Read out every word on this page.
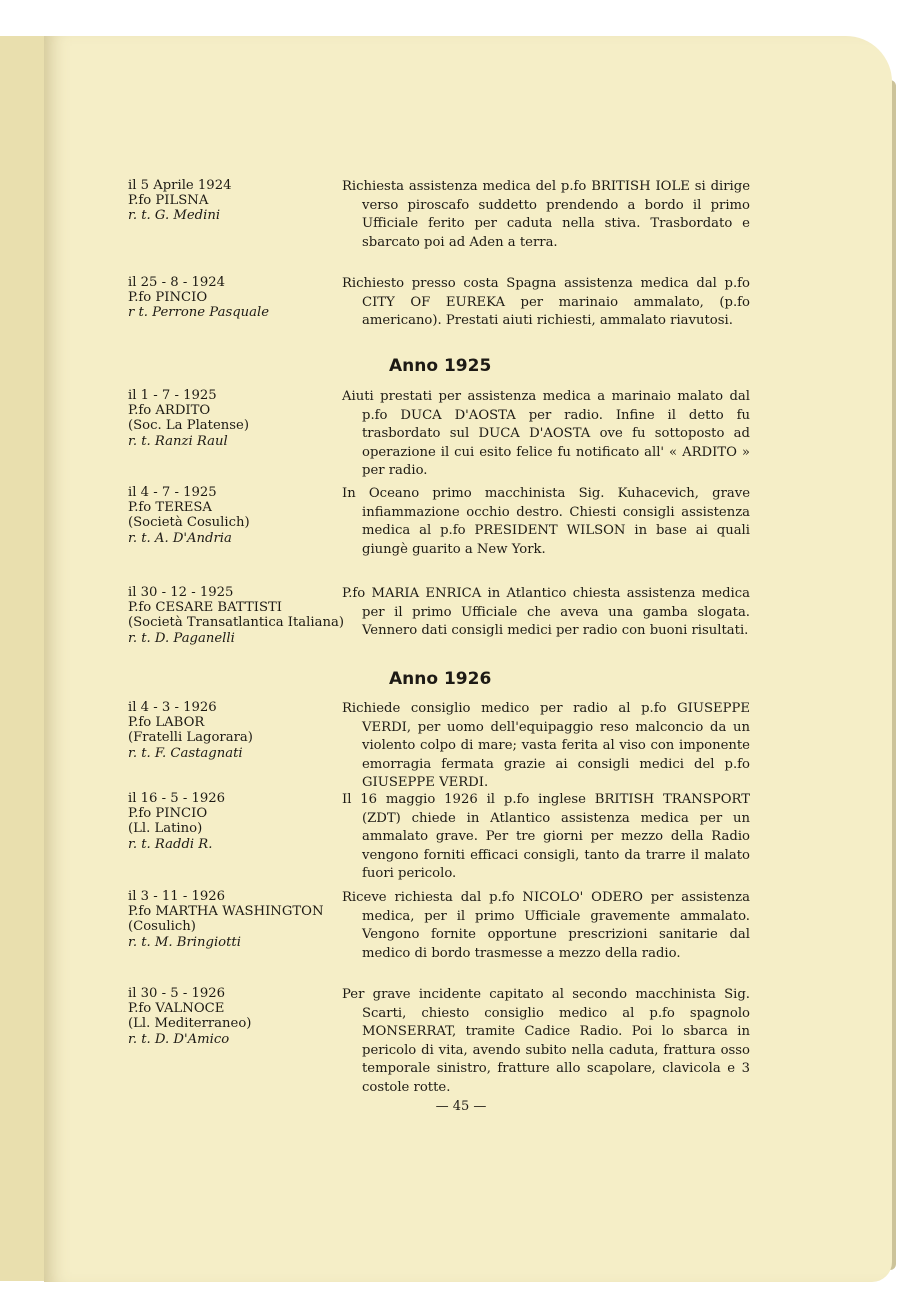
il 5 Aprile 1924
P.fo PILSNA
r. t. G. Medini

Richiesta assistenza medica del p.fo BRITISH IOLE si dirige verso piroscafo suddetto prendendo a bordo il primo Ufficiale ferito per caduta nella stiva. Trasbordato e sbarcato poi ad Aden a terra.

il 25 - 8 - 1924
P.fo PINCIO
r t. Perrone Pasquale

Richiesto presso costa Spagna assistenza medica dal p.fo CITY OF EUREKA per marinaio ammalato, (p.fo americano). Prestati aiuti richiesti, ammalato riavutosi.

Anno 1925
il 1 - 7 - 1925
P.fo ARDITO
(Soc. La Platense)
r. t. Ranzi Raul

Aiuti prestati per assistenza medica a marinaio malato dal p.fo DUCA D'AOSTA per radio. Infine il detto fu trasbordato sul DUCA D'AOSTA ove fu sottoposto ad operazione il cui esito felice fu notificato all' « ARDITO » per radio.

il 4 - 7 - 1925
P.fo TERESA
(Società Cosulich)
r. t. A. D'Andria

In Oceano primo macchinista Sig. Kuhacevich, grave infiammazione occhio destro. Chiesti consigli assistenza medica al p.fo PRESIDENT WILSON in base ai quali giungè guarito a New York.

il 30 - 12 - 1925
P.fo CESARE BATTISTI
(Società Transatlantica Italiana)
r. t. D. Paganelli

P.fo MARIA ENRICA in Atlantico chiesta assistenza medica per il primo Ufficiale che aveva una gamba slogata. Vennero dati consigli medici per radio con buoni risultati.

Anno 1926
il 4 - 3 - 1926
P.fo LABOR
(Fratelli Lagorara)
r. t. F. Castagnati

Richiede consiglio medico per radio al p.fo GIUSEPPE VERDI, per uomo dell'equipaggio reso malconcio da un violento colpo di mare; vasta ferita al viso con imponente emorragia fermata grazie ai consigli medici del p.fo GIUSEPPE VERDI.

il 16 - 5 - 1926
P.fo PINCIO
(Ll. Latino)
r. t. Raddi R.

Il 16 maggio 1926 il p.fo inglese BRITISH TRANSPORT (ZDT) chiede in Atlantico assistenza medica per un ammalato grave. Per tre giorni per mezzo della Radio vengono forniti efficaci consigli, tanto da trarre il malato fuori pericolo.

il 3 - 11 - 1926
P.fo MARTHA WASHINGTON
(Cosulich)
r. t. M. Bringiotti

Riceve richiesta dal p.fo NICOLO' ODERO per assistenza medica, per il primo Ufficiale gravemente ammalato. Vengono fornite opportune prescrizioni sanitarie dal medico di bordo trasmesse a mezzo della radio.

il 30 - 5 - 1926
P.fo VALNOCE
(Ll. Mediterraneo)
r. t. D. D'Amico

Per grave incidente capitato al secondo macchinista Sig. Scarti, chiesto consiglio medico al p.fo spagnolo MONSERRAT, tramite Cadice Radio. Poi lo sbarca in pericolo di vita, avendo subito nella caduta, frattura osso temporale sinistro, fratture allo scapolare, clavicola e 3 costole rotte.

— 45 —
